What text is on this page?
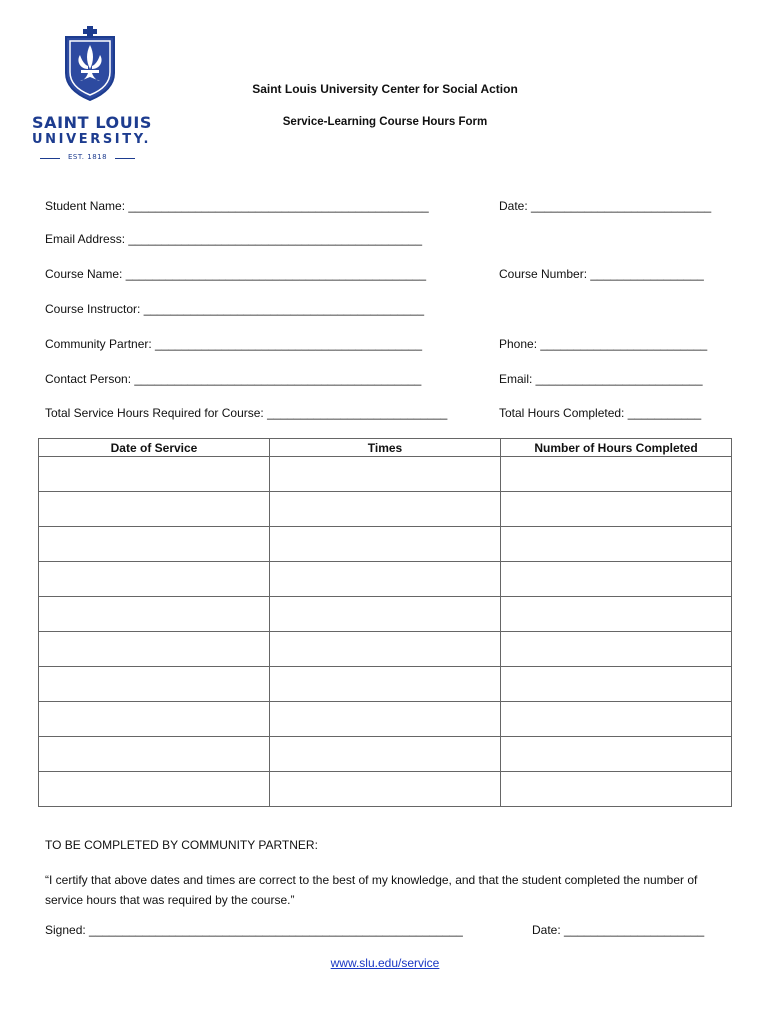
SAINT LOUIS
UNIVERSITY.
EST. 1818
Saint Louis University Center for Social Action
Service-Learning Course Hours Form
Student Name: _____________________________________________	Date: ___________________________
Email Address: ____________________________________________
Course Name: _____________________________________________	Course Number: _________________
Course Instructor: __________________________________________
Community Partner: ________________________________________	Phone: _________________________
Contact Person: ___________________________________________	Email: _________________________
Total Service Hours Required for Course: ___________________________	Total Hours Completed: ___________
Date of Service	Times	Number of Hours Completed

TO BE COMPLETED BY COMMUNITY PARTNER:
“I certify that above dates and times are correct to the best of my knowledge, and that the student completed the number of service hours that was required by the course.”
Signed: ________________________________________________________	Date: _____________________
www.slu.edu/service
